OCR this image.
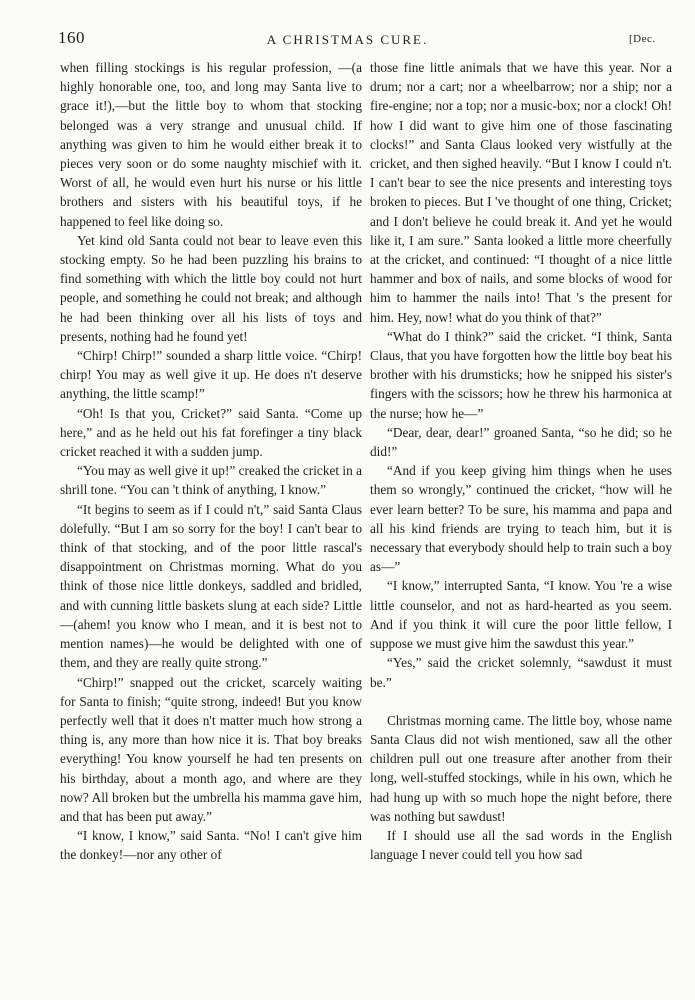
160	A CHRISTMAS CURE.	[Dec.

when filling stockings is his regular profession, —(a highly honorable one, too, and long may Santa live to grace it!),—but the little boy to whom that stocking belonged was a very strange and unusual child. If anything was given to him he would either break it to pieces very soon or do some naughty mischief with it. Worst of all, he would even hurt his nurse or his little brothers and sisters with his beautiful toys, if he happened to feel like doing so.

Yet kind old Santa could not bear to leave even this stocking empty. So he had been puzzling his brains to find something with which the little boy could not hurt people, and something he could not break; and although he had been thinking over all his lists of toys and presents, nothing had he found yet!

“Chirp! Chirp!” sounded a sharp little voice. “Chirp! chirp! You may as well give it up. He does n't deserve anything, the little scamp!”

“Oh! Is that you, Cricket?” said Santa. “Come up here,” and as he held out his fat forefinger a tiny black cricket reached it with a sudden jump.

“You may as well give it up!” creaked the cricket in a shrill tone. “You can 't think of anything, I know.”

“It begins to seem as if I could n't,” said Santa Claus dolefully. “But I am so sorry for the boy! I can't bear to think of that stocking, and of the poor little rascal's disappointment on Christmas morning. What do you think of those nice little donkeys, saddled and bridled, and with cunning little baskets slung at each side? Little—(ahem! you know who I mean, and it is best not to mention names)—he would be delighted with one of them, and they are really quite strong.”

“Chirp!” snapped out the cricket, scarcely waiting for Santa to finish; “quite strong, indeed! But you know perfectly well that it does n't matter much how strong a thing is, any more than how nice it is. That boy breaks everything! You know yourself he had ten presents on his birthday, about a month ago, and where are they now? All broken but the umbrella his mamma gave him, and that has been put away.”

“I know, I know,” said Santa. “No! I can't give him the donkey!—nor any other of

those fine little animals that we have this year. Nor a drum; nor a cart; nor a wheelbarrow; nor a ship; nor a fire-engine; nor a top; nor a music-box; nor a clock! Oh! how I did want to give him one of those fascinating clocks!” and Santa Claus looked very wistfully at the cricket, and then sighed heavily. “But I know I could n't. I can't bear to see the nice presents and interesting toys broken to pieces. But I 've thought of one thing, Cricket; and I don't believe he could break it. And yet he would like it, I am sure.” Santa looked a little more cheerfully at the cricket, and continued: “I thought of a nice little hammer and box of nails, and some blocks of wood for him to hammer the nails into! That 's the present for him. Hey, now! what do you think of that?”

“What do I think?” said the cricket. “I think, Santa Claus, that you have forgotten how the little boy beat his brother with his drumsticks; how he snipped his sister's fingers with the scissors; how he threw his harmonica at the nurse; how he—”

“Dear, dear, dear!” groaned Santa, “so he did; so he did!”

“And if you keep giving him things when he uses them so wrongly,” continued the cricket, “how will he ever learn better? To be sure, his mamma and papa and all his kind friends are trying to teach him, but it is necessary that everybody should help to train such a boy as—”

“I know,” interrupted Santa, “I know. You 're a wise little counselor, and not as hard-hearted as you seem. And if you think it will cure the poor little fellow, I suppose we must give him the sawdust this year.”

“Yes,” said the cricket solemnly, “sawdust it must be.”

Christmas morning came. The little boy, whose name Santa Claus did not wish mentioned, saw all the other children pull out one treasure after another from their long, well-stuffed stockings, while in his own, which he had hung up with so much hope the night before, there was nothing but sawdust!

If I should use all the sad words in the English language I never could tell you how sad
